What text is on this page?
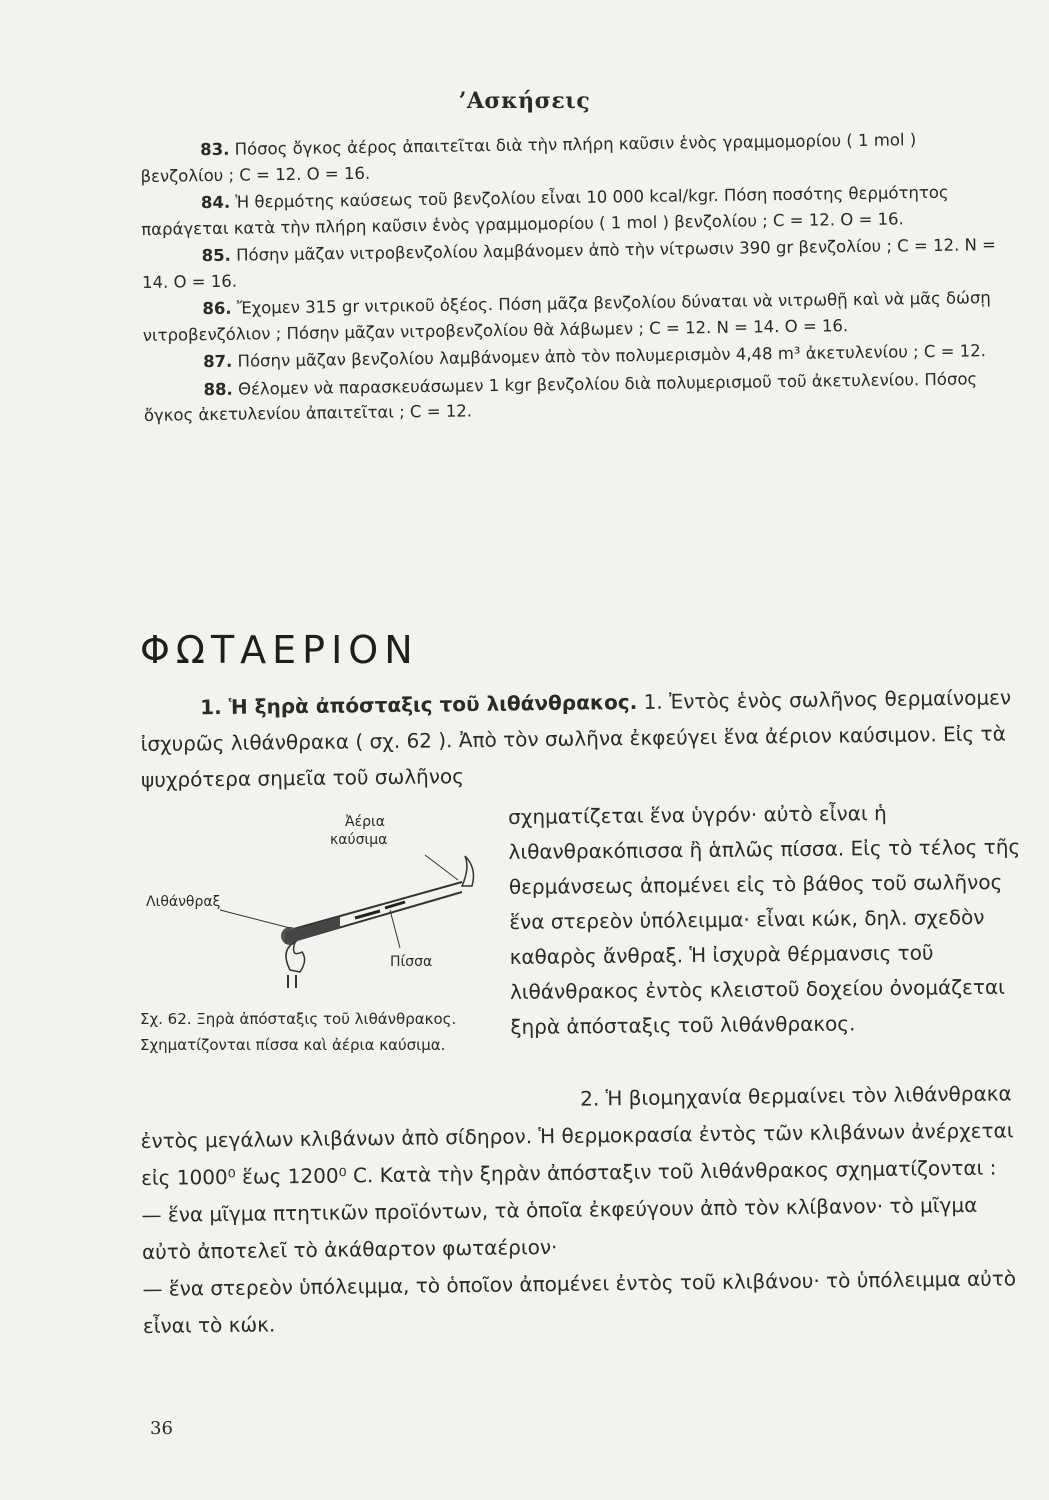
’Ασκήσεις

83. Πόσος ὄγκος ἀέρος ἀπαιτεῖται διὰ τὴν πλήρη καῦσιν ἑνὸς γραμμομορίου ( 1 mol ) βενζολίου ; C = 12. O = 16.

84. Ἡ θερμότης καύσεως τοῦ βενζολίου εἶναι 10 000 kcal/kgr. Πόση ποσότης θερμότητος παράγεται κατὰ τὴν πλήρη καῦσιν ἑνὸς γραμμομορίου ( 1 mol ) βενζολίου ; C = 12. O = 16.

85. Πόσην μᾶζαν νιτροβενζολίου λαμβάνομεν ἀπὸ τὴν νίτρωσιν 390 gr βενζολίου ; C = 12. N = 14. O = 16.

86. Ἔχομεν 315 gr νιτρικοῦ ὀξέος. Πόση μᾶζα βενζολίου δύναται νὰ νιτρωθῇ καὶ νὰ μᾶς δώσῃ νιτροβενζόλιον ; Πόσην μᾶζαν νιτροβενζολίου θὰ λάβωμεν ; C = 12. N = 14. O = 16.

87. Πόσην μᾶζαν βενζολίου λαμβάνομεν ἀπὸ τὸν πολυμερισμὸν 4,48 m³ ἀκετυλενίου ; C = 12.

88. Θέλομεν νὰ παρασκευάσωμεν 1 kgr βενζολίου διὰ πολυμερισμοῦ τοῦ ἀκετυλενίου. Πόσος ὄγκος ἀκετυλενίου ἀπαιτεῖται ; C = 12.

ΦΩΤΑΕΡΙΟΝ
1. Ἡ ξηρὰ ἀπόσταξις τοῦ λιθάνθρακος. 1. Ἐντὸς ἑνὸς σωλῆνος θερμαίνομεν ἰσχυρῶς λιθάνθρακα ( σχ. 62 ). Ἀπὸ τὸν σωλῆνα ἐκφεύγει ἕνα ἀέριον καύσιμον. Εἰς τὰ ψυχρότερα σημεῖα τοῦ σωλῆνος
Ἀέρια
καύσιμα
Λιθάνθραξ
Πίσσα
Σχ. 62. Ξηρὰ ἀπόσταξις τοῦ λιθάνθρακος. Σχηματίζονται πίσσα καὶ ἀέρια καύσιμα.
σχηματίζεται ἕνα ὑγρόν· αὐτὸ εἶναι ἡ λιθανθρακόπισσα ἢ ἁπλῶς πίσσα. Εἰς τὸ τέλος τῆς θερμάνσεως ἀπομένει εἰς τὸ βάθος τοῦ σωλῆνος ἕνα στερεὸν ὑπόλειμμα· εἶναι κώκ, δηλ. σχεδὸν καθαρὸς ἄνθραξ. Ἡ ἰσχυρὰ θέρμανσις τοῦ λιθάνθρακος ἐντὸς κλειστοῦ δοχείου ὀνομάζεται ξηρὰ ἀπόσταξις τοῦ λιθάνθρακος.

2. Ἡ βιομηχανία θερμαίνει τὸν λιθάνθρακα ἐντὸς μεγάλων κλιβάνων ἀπὸ σίδηρον. Ἡ θερμοκρασία ἐντὸς τῶν κλιβάνων ἀνέρχεται εἰς 1000⁰ ἕως 1200⁰ C. Κατὰ τὴν ξηρὰν ἀπόσταξιν τοῦ λιθάνθρακος σχηματίζονται :

— ἕνα μῖγμα πτητικῶν προϊόντων, τὰ ὁποῖα ἐκφεύγουν ἀπὸ τὸν κλίβανον· τὸ μῖγμα αὐτὸ ἀποτελεῖ τὸ ἀκάθαρτον φωταέριον·

— ἕνα στερεὸν ὑπόλειμμα, τὸ ὁποῖον ἀπομένει ἐντὸς τοῦ κλιβάνου· τὸ ὑπόλειμμα αὐτὸ εἶναι τὸ κώκ.

36
